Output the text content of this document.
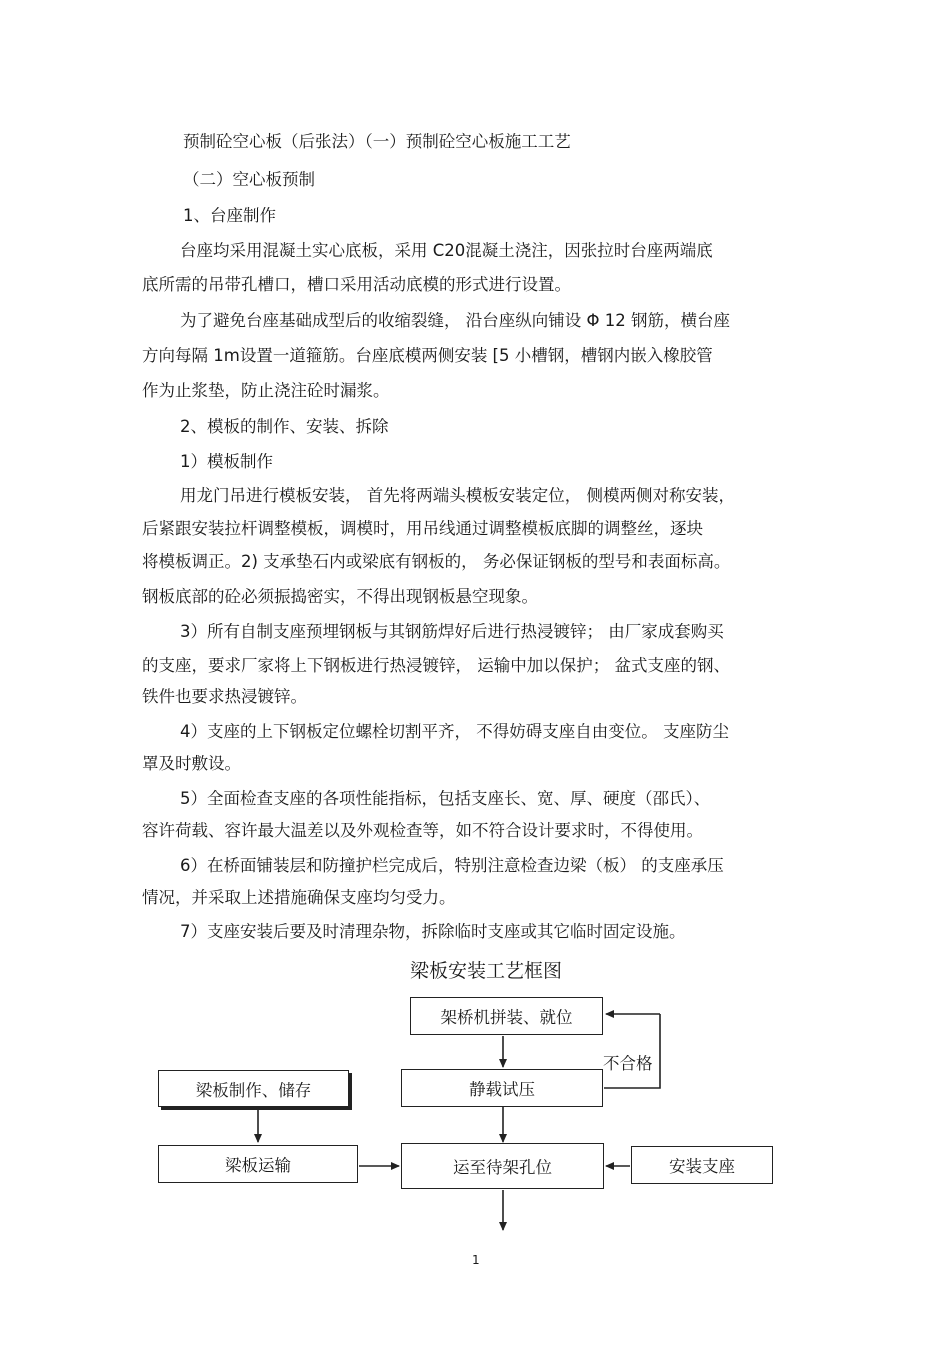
预制砼空心板（后张法）（一）预制砼空心板施工工艺
（二）空心板预制
1、台座制作
台座均采用混凝土实心底板，采用 C20混凝土浇注，因张拉时台座两端底
底所需的吊带孔槽口，槽口采用活动底模的形式进行设置。
为了避免台座基础成型后的收缩裂缝， 沿台座纵向铺设 Φ 12 钢筋，横台座
方向每隔 1m设置一道箍筋。台座底模两侧安装 [5 小槽钢，槽钢内嵌入橡胶管
作为止浆垫，防止浇注砼时漏浆。
2、模板的制作、安装、拆除
1）模板制作
用龙门吊进行模板安装， 首先将两端头模板安装定位， 侧模两侧对称安装，
后紧跟安装拉杆调整模板，调模时，用吊线通过调整模板底脚的调整丝，逐块
将模板调正。2) 支承垫石内或梁底有钢板的， 务必保证钢板的型号和表面标高。
钢板底部的砼必须振捣密实，不得出现钢板悬空现象。
3）所有自制支座预埋钢板与其钢筋焊好后进行热浸镀锌； 由厂家成套购买
的支座，要求厂家将上下钢板进行热浸镀锌， 运输中加以保护； 盆式支座的钢、
铁件也要求热浸镀锌。
4）支座的上下钢板定位螺栓切割平齐， 不得妨碍支座自由变位。 支座防尘
罩及时敷设。
5）全面检查支座的各项性能指标，包括支座长、宽、厚、硬度（邵氏）、
容许荷载、容许最大温差以及外观检查等，如不符合设计要求时，不得使用。
6）在桥面铺装层和防撞护栏完成后，特别注意检查边梁（板） 的支座承压
情况，并采取上述措施确保支座均匀受力。
7）支座安装后要及时清理杂物，拆除临时支座或其它临时固定设施。
梁板安装工艺框图
架桥机拼装、就位
静载试压
梁板制作、储存
梁板运输	运至待架孔位	安装支座
不合格
1
